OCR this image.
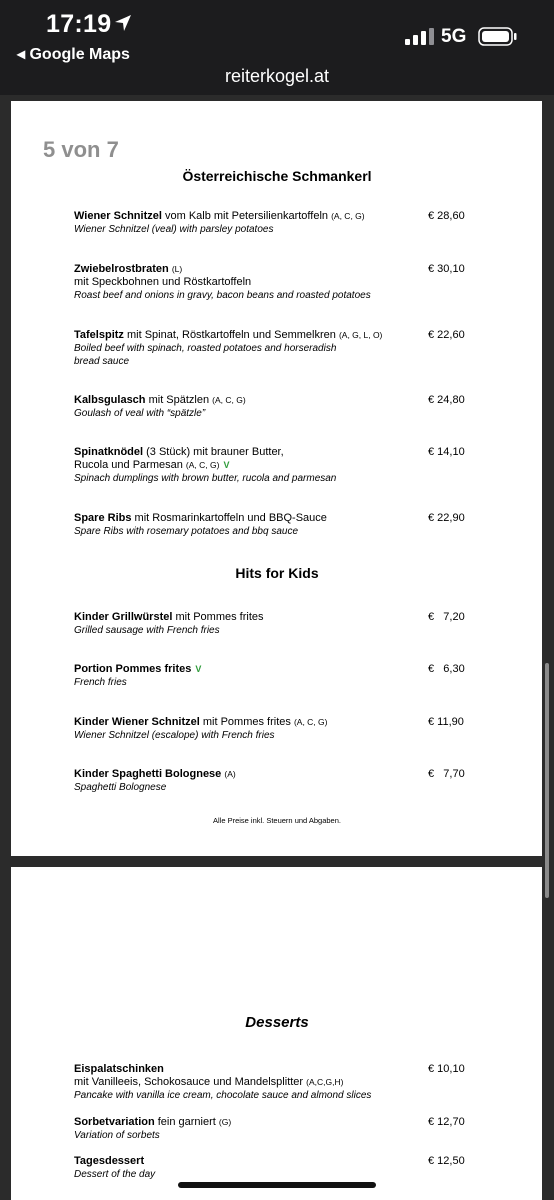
17:19
◂ Google Maps
5G
reiterkogel.at
5 von 7
Österreichische Schmankerl
Hits for Kids
Desserts
Wiener Schnitzel vom Kalb mit Petersilienkartoffeln (A, C, G)
Wiener Schnitzel (veal) with parsley potatoes
€ 28,60
Zwiebelrostbraten (L)
mit Speckbohnen und Röstkartoffeln
Roast beef and onions in gravy, bacon beans and roasted potatoes
€ 30,10
Tafelspitz mit Spinat, Röstkartoffeln und Semmelkren (A, G, L, O)
Boiled beef with spinach, roasted potatoes and horseradish bread sauce
€ 22,60
Kalbsgulasch mit Spätzlen (A, C, G)
Goulash of veal with “spätzle”
€ 24,80
Spinatknödel (3 Stück) mit brauner Butter,
Rucola und Parmesan (A, C, G) V
Spinach dumplings with brown butter, rucola and parmesan
€ 14,10
Spare Ribs mit Rosmarinkartoffeln und BBQ-Sauce
Spare Ribs with rosemary potatoes and bbq sauce
€ 22,90
Kinder Grillwürstel mit Pommes frites
Grilled sausage with French fries
€   7,20
Portion Pommes frites V
French fries
€   6,30
Kinder Wiener Schnitzel mit Pommes frites (A, C, G)
Wiener Schnitzel (escalope) with French fries
€ 11,90
Kinder Spaghetti Bolognese (A)
Spaghetti Bolognese
€   7,70
Alle Preise inkl. Steuern und Abgaben.
Eispalatschinken
mit Vanilleeis, Schokosauce und Mandelsplitter (A,C,G,H)
Pancake with vanilla ice cream, chocolate sauce and almond slices
€ 10,10
Sorbetvariation fein garniert (G)
Variation of sorbets
€ 12,70
Tagesdessert
Dessert of the day
€ 12,50
